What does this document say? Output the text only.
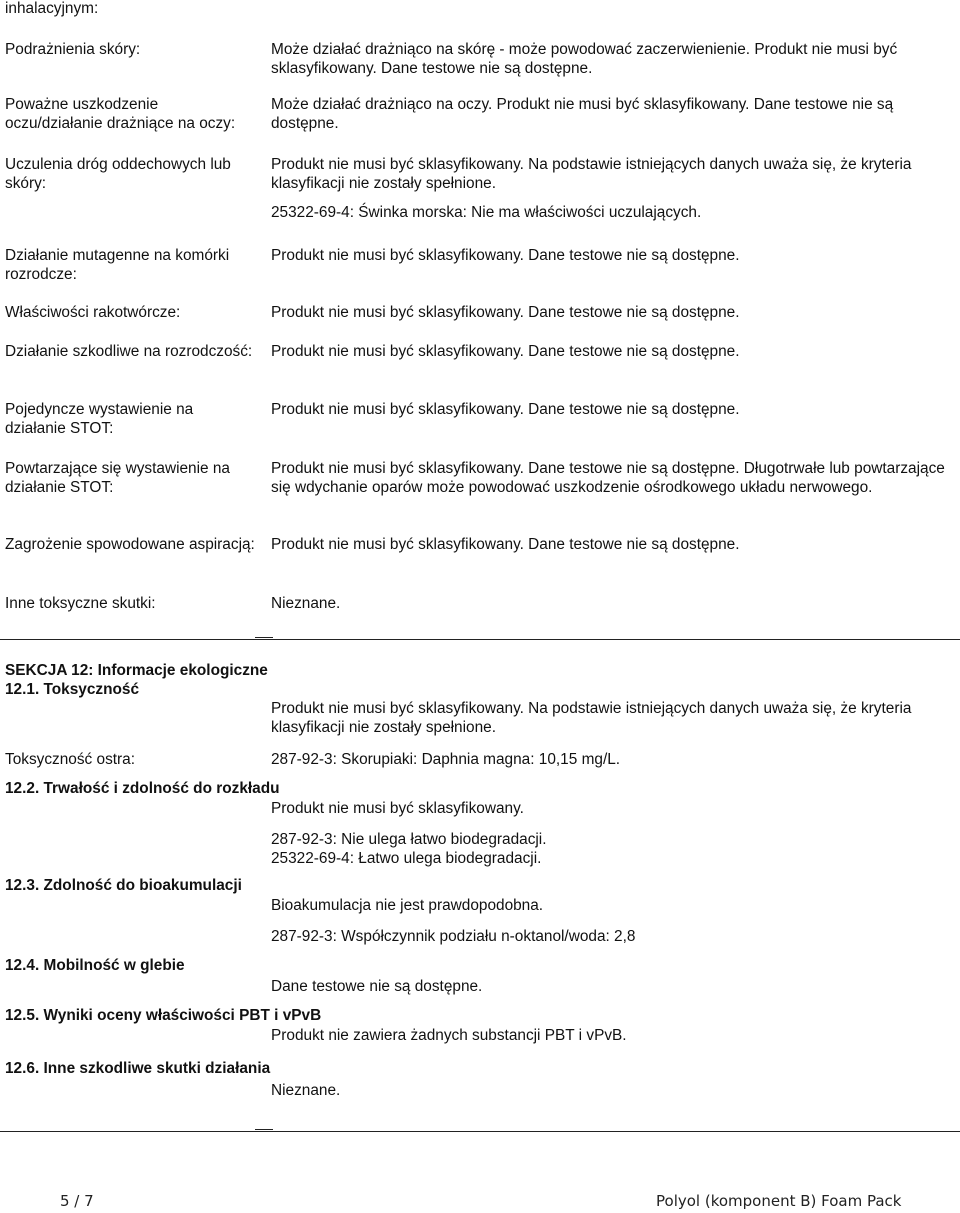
inhalacyjnym:
Podrażnienia skóry:	Może działać drażniąco na skórę - może powodować zaczerwienienie. Produkt nie musi być sklasyfikowany. Dane testowe nie są dostępne.
Poważne uszkodzenie oczu/działanie drażniące na oczy:
Może działać drażniąco na oczy. Produkt nie musi być sklasyfikowany. Dane testowe nie są dostępne.
Uczulenia dróg oddechowych lub skóry:
Produkt nie musi być sklasyfikowany. Na podstawie istniejących danych uważa się, że kryteria klasyfikacji nie zostały spełnione.
25322-69-4: Świnka morska: Nie ma właściwości uczulających.
Działanie mutagenne na komórki rozrodcze:
Produkt nie musi być sklasyfikowany. Dane testowe nie są dostępne.
Właściwości rakotwórcze:	Produkt nie musi być sklasyfikowany. Dane testowe nie są dostępne.
Działanie szkodliwe na rozrodczość: Produkt nie musi być sklasyfikowany. Dane testowe nie są dostępne.
Pojedyncze wystawienie na działanie STOT:
Produkt nie musi być sklasyfikowany. Dane testowe nie są dostępne.
Powtarzające się wystawienie na działanie STOT:
Produkt nie musi być sklasyfikowany. Dane testowe nie są dostępne. Długotrwałe lub powtarzające się wdychanie oparów może powodować uszkodzenie ośrodkowego układu nerwowego.
Zagrożenie spowodowane aspiracją: Produkt nie musi być sklasyfikowany. Dane testowe nie są dostępne.
Inne toksyczne skutki:	Nieznane.
SEKCJA 12: Informacje ekologiczne
12.1. Toksyczność
Produkt nie musi być sklasyfikowany. Na podstawie istniejących danych uważa się, że kryteria klasyfikacji nie zostały spełnione.
Toksyczność ostra:	287-92-3: Skorupiaki: Daphnia magna: 10,15 mg/L.
12.2. Trwałość i zdolność do rozkładu
Produkt nie musi być sklasyfikowany.
287-92-3: Nie ulega łatwo biodegradacji.
25322-69-4: Łatwo ulega biodegradacji.
12.3. Zdolność do bioakumulacji
Bioakumulacja nie jest prawdopodobna.
287-92-3: Współczynnik podziału n-oktanol/woda: 2,8
12.4. Mobilność w glebie
Dane testowe nie są dostępne.
12.5. Wyniki oceny właściwości PBT i vPvB
Produkt nie zawiera żadnych substancji PBT i vPvB.
12.6. Inne szkodliwe skutki działania
Nieznane.
5 / 7	Polyol (komponent B) Foam Pack
